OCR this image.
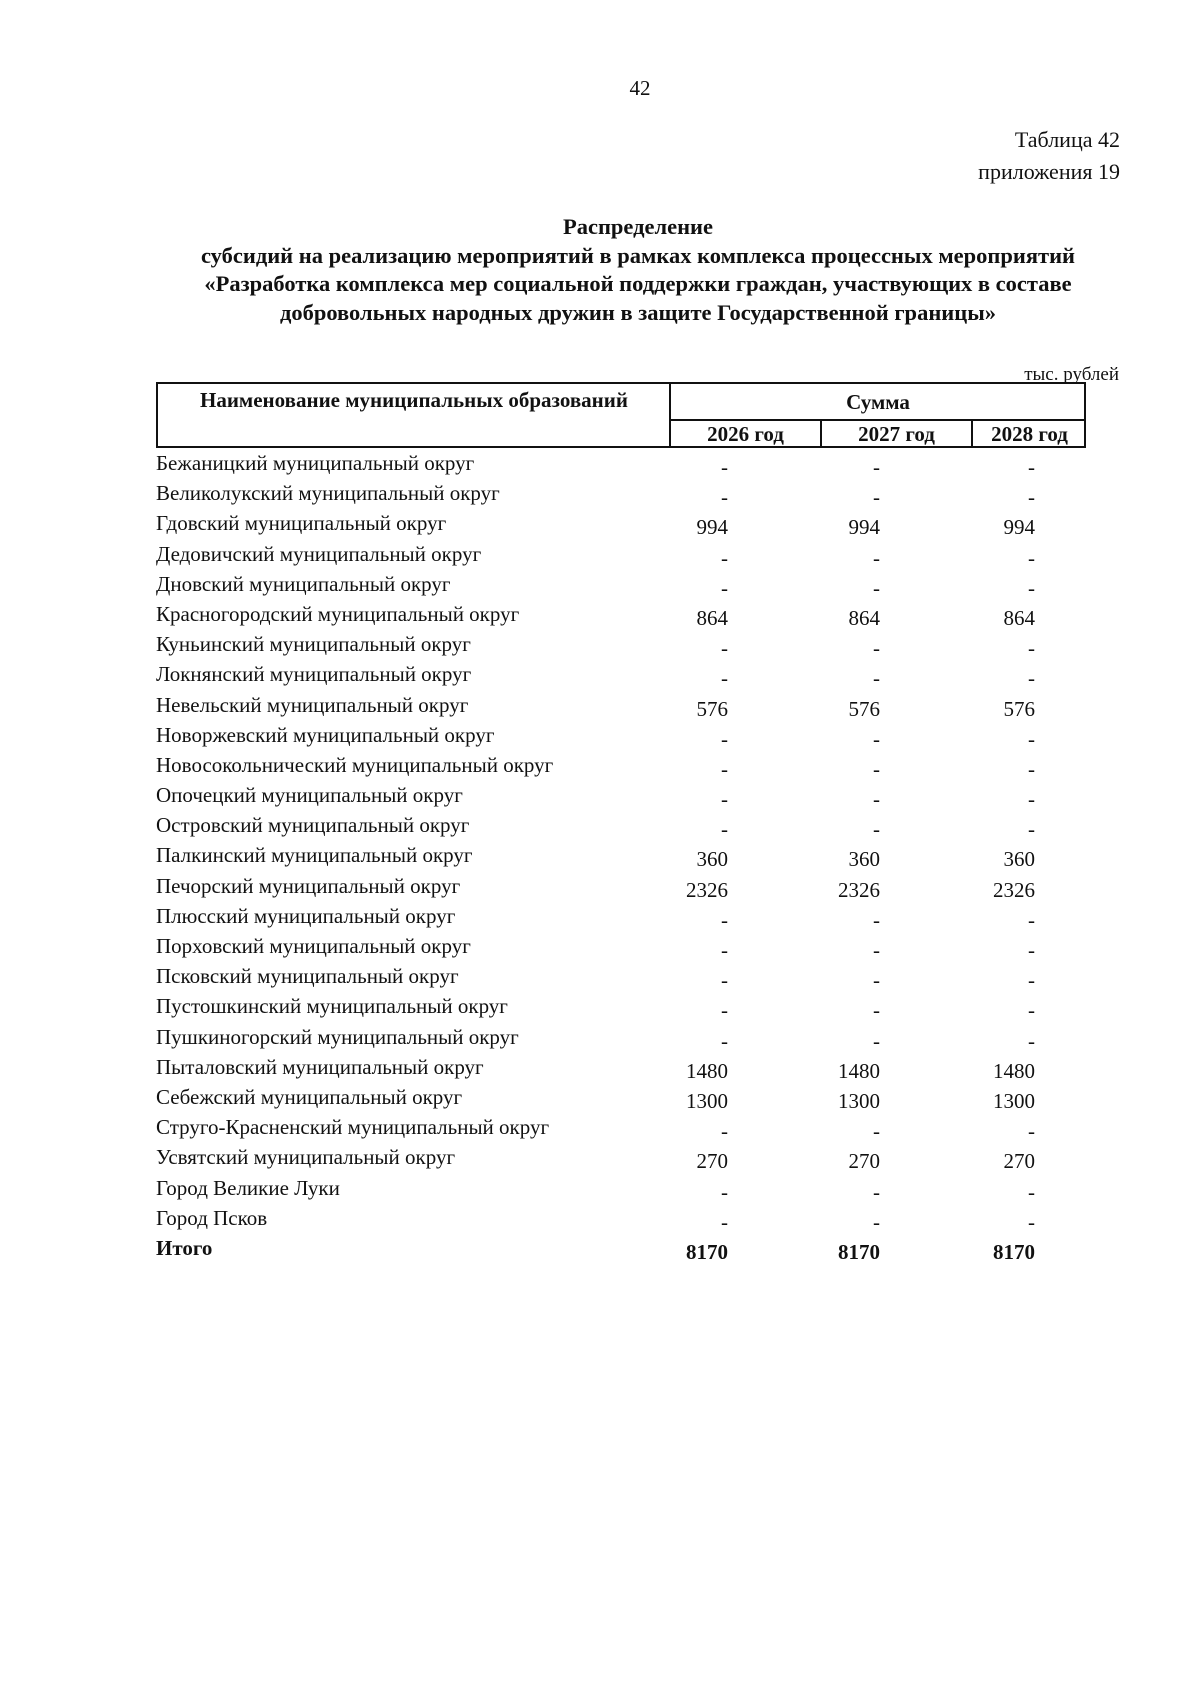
42
Таблица 42
приложения 19
Распределение
субсидий на реализацию мероприятий в рамках комплекса процессных мероприятий
«Разработка комплекса мер социальной поддержки граждан, участвующих в составе
добровольных народных дружин в защите Государственной границы»
тыс. рублей
Наименование муниципальных образований	Сумма
2026 год	2027 год	2028 год
Бежаницкий муниципальный округ	-	-	-
Великолукский муниципальный округ	-	-	-
Гдовский муниципальный округ	994	994	994
Дедовичский муниципальный округ	-	-	-
Дновский муниципальный округ	-	-	-
Красногородский муниципальный округ	864	864	864
Куньинский муниципальный округ	-	-	-
Локнянский муниципальный округ	-	-	-
Невельский муниципальный округ	576	576	576
Новоржевский муниципальный округ	-	-	-
Новосокольнический муниципальный округ	-	-	-
Опочецкий муниципальный округ	-	-	-
Островский муниципальный округ	-	-	-
Палкинский муниципальный округ	360	360	360
Печорский муниципальный округ	2326	2326	2326
Плюсский муниципальный округ	-	-	-
Порховский муниципальный округ	-	-	-
Псковский муниципальный округ	-	-	-
Пустошкинский муниципальный округ	-	-	-
Пушкиногорский муниципальный округ	-	-	-
Пыталовский муниципальный округ	1480	1480	1480
Себежский муниципальный округ	1300	1300	1300
Струго-Красненский муниципальный округ	-	-	-
Усвятский муниципальный округ	270	270	270
Город Великие Луки	-	-	-
Город Псков	-	-	-
Итого	8170	8170	8170
